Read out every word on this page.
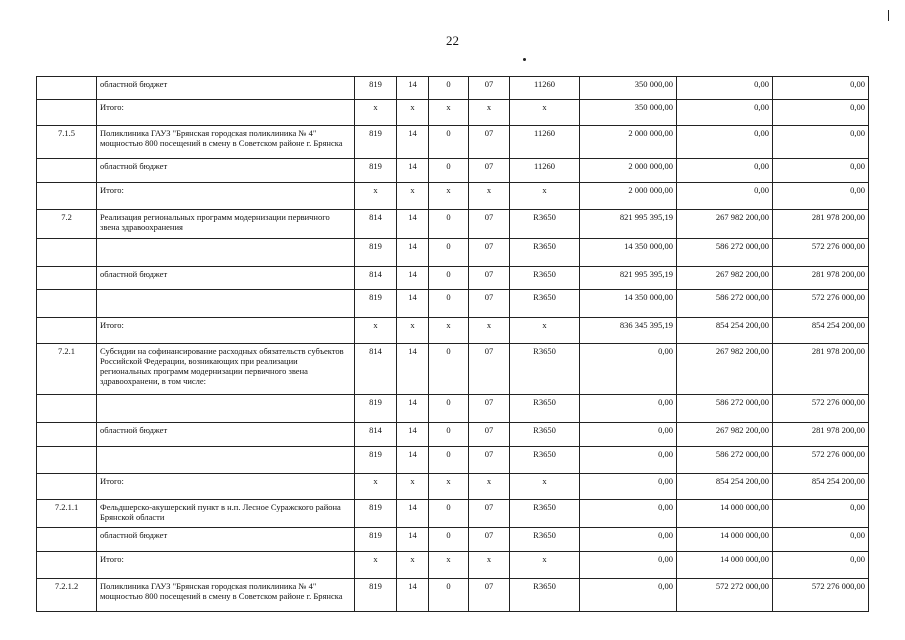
22
	областной бюджет	819	14	0	07	11260	350 000,00	0,00	0,00
	Итого:	x	x	x	x	x	350 000,00	0,00	0,00
7.1.5	Поликлиника ГАУЗ "Брянская городская поликлиника № 4" мощностью 800 посещений в смену в Советском районе г. Брянска	819	14	0	07	11260	2 000 000,00	0,00	0,00
	областной бюджет	819	14	0	07	11260	2 000 000,00	0,00	0,00
	Итого:	x	x	x	x	x	2 000 000,00	0,00	0,00
7.2	Реализация региональных программ модернизации первичного звена здравоохранения	814	14	0	07	R3650	821 995 395,19	267 982 200,00	281 978 200,00
		819	14	0	07	R3650	14 350 000,00	586 272 000,00	572 276 000,00
	областной бюджет	814	14	0	07	R3650	821 995 395,19	267 982 200,00	281 978 200,00
		819	14	0	07	R3650	14 350 000,00	586 272 000,00	572 276 000,00
	Итого:	x	x	x	x	x	836 345 395,19	854 254 200,00	854 254 200,00
7.2.1	Субсидии на софинансирование расходных обязательств субъектов Российской Федерации, возникающих при реализации региональных программ модернизации первичного звена здравоохранени, в том числе:	814	14	0	07	R3650	0,00	267 982 200,00	281 978 200,00
		819	14	0	07	R3650	0,00	586 272 000,00	572 276 000,00
	областной бюджет	814	14	0	07	R3650	0,00	267 982 200,00	281 978 200,00
		819	14	0	07	R3650	0,00	586 272 000,00	572 276 000,00
	Итого:	x	x	x	x	x	0,00	854 254 200,00	854 254 200,00
7.2.1.1	Фельдшерско-акушерский пункт в н.п. Лесное Суражского района Брянской области	819	14	0	07	R3650	0,00	14 000 000,00	0,00
	областной бюджет	819	14	0	07	R3650	0,00	14 000 000,00	0,00
	Итого:	x	x	x	x	x	0,00	14 000 000,00	0,00
7.2.1.2	Поликлиника ГАУЗ "Брянская городская поликлиника № 4" мощностью 800 посещений в смену в Советском районе г. Брянска	819	14	0	07	R3650	0,00	572 272 000,00	572 276 000,00
